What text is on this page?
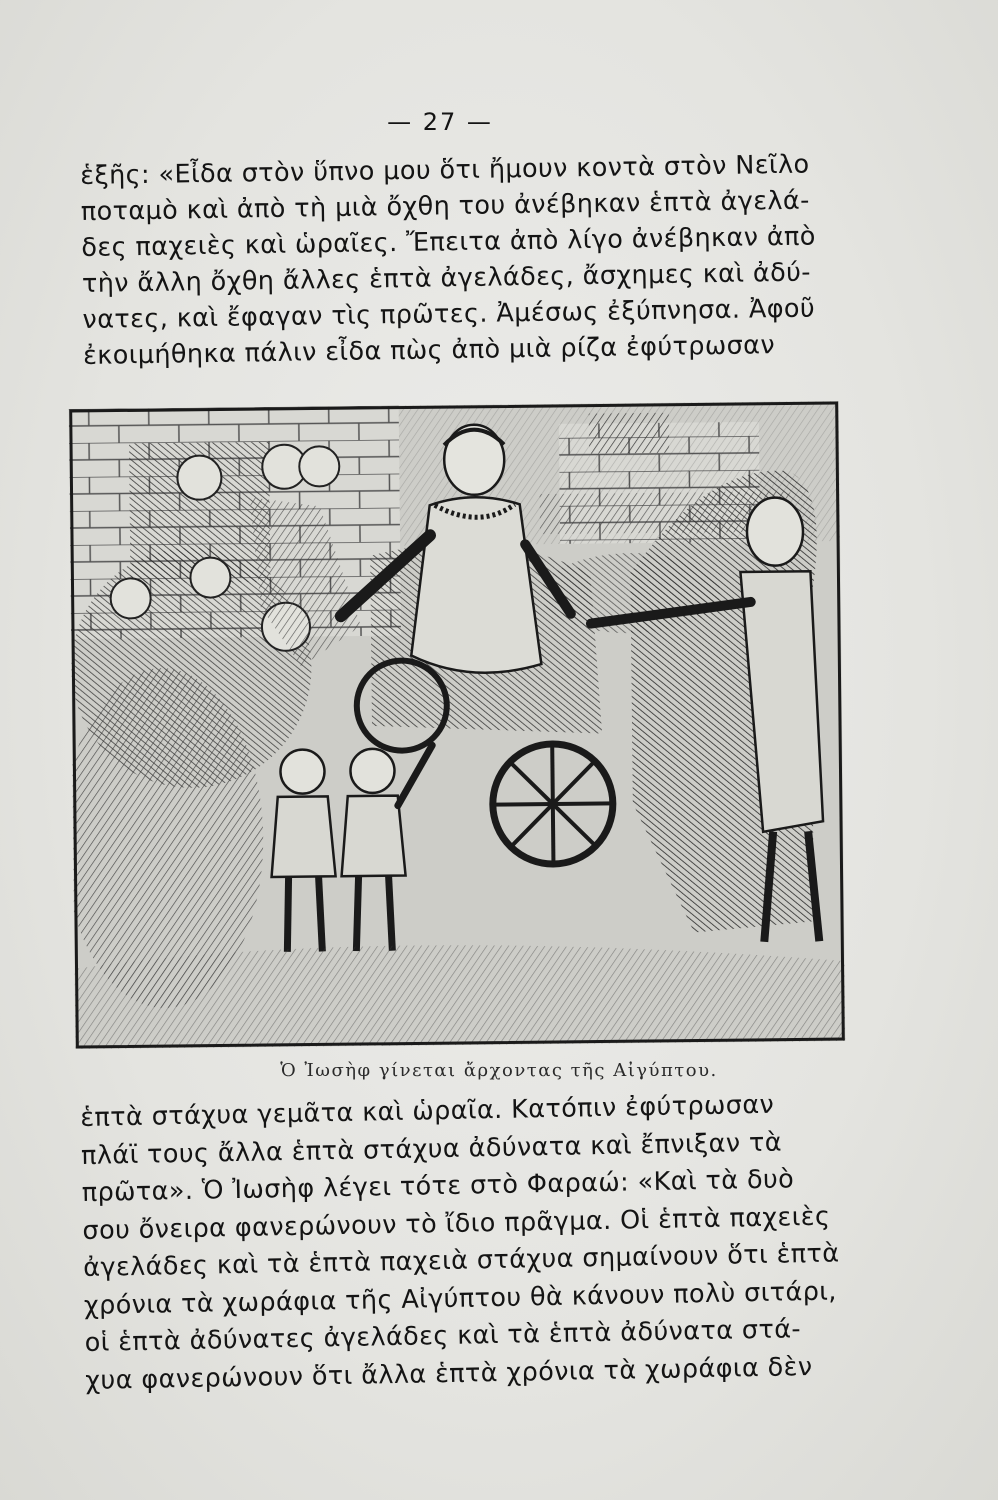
— 27 —

ἑξῆς: «Εἶδα στὸν ὕπνο μου ὅτι ἤμουν κοντὰ στὸν Νεῖλο
ποταμὸ καὶ ἀπὸ τὴ μιὰ ὄχθη του ἀνέβηκαν ἑπτὰ ἀγελά-
δες παχειὲς καὶ ὡραῖες. Ἔπειτα ἀπὸ λίγο ἀνέβηκαν ἀπὸ
τὴν ἄλλη ὄχθη ἄλλες ἑπτὰ ἀγελάδες, ἄσχημες καὶ ἀδύ-
νατες, καὶ ἔφαγαν τὶς πρῶτες. Ἀμέσως ἐξύπνησα. Ἀφοῦ
ἐκοιμήθηκα πάλιν εἶδα πὼς ἀπὸ μιὰ ρίζα ἐφύτρωσαν

Ὁ Ἰωσὴφ γίνεται ἄρχοντας τῆς Αἰγύπτου.

ἑπτὰ στάχυα γεμᾶτα καὶ ὡραῖα. Κατόπιν ἐφύτρωσαν
πλάϊ τους ἄλλα ἑπτὰ στάχυα ἀδύνατα καὶ ἔπνιξαν τὰ
πρῶτα». Ὁ Ἰωσὴφ λέγει τότε στὸ Φαραώ: «Καὶ τὰ δυὸ
σου ὄνειρα φανερώνουν τὸ ἴδιο πρᾶγμα. Οἱ ἑπτὰ παχειὲς
ἀγελάδες καὶ τὰ ἑπτὰ παχειὰ στάχυα σημαίνουν ὅτι ἑπτὰ
χρόνια τὰ χωράφια τῆς Αἰγύπτου θὰ κάνουν πολὺ σιτάρι,
οἱ ἑπτὰ ἀδύνατες ἀγελάδες καὶ τὰ ἑπτὰ ἀδύνατα στά-
χυα φανερώνουν ὅτι ἄλλα ἑπτὰ χρόνια τὰ χωράφια δὲν
